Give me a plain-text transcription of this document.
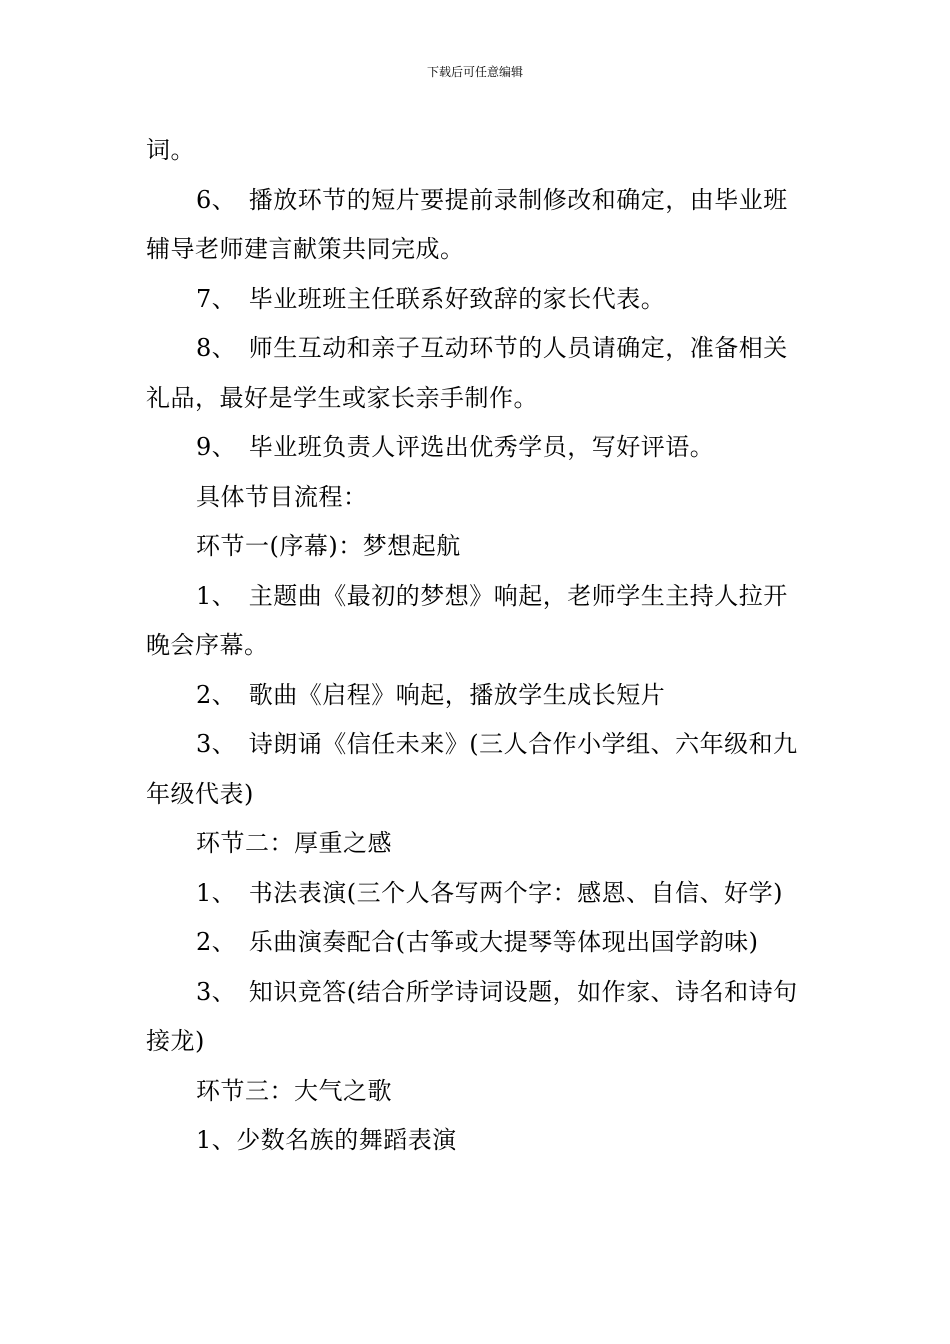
下载后可任意编辑

词。

6、　播放环节的短片要提前录制修改和确定，由毕业班辅导老师建言献策共同完成。

7、　毕业班班主任联系好致辞的家长代表。

8、　师生互动和亲子互动环节的人员请确定，准备相关礼品，最好是学生或家长亲手制作。

9、　毕业班负责人评选出优秀学员，写好评语。

具体节目流程：

环节一(序幕)：梦想起航

1、　主题曲《最初的梦想》响起，老师学生主持人拉开晚会序幕。

2、　歌曲《启程》响起，播放学生成长短片

3、　诗朗诵《信任未来》(三人合作小学组、六年级和九年级代表)

环节二：厚重之感

1、　书法表演(三个人各写两个字：感恩、自信、好学)

2、　乐曲演奏配合(古筝或大提琴等体现出国学韵味)

3、　知识竞答(结合所学诗词设题，如作家、诗名和诗句接龙)

环节三：大气之歌

1、少数名族的舞蹈表演
